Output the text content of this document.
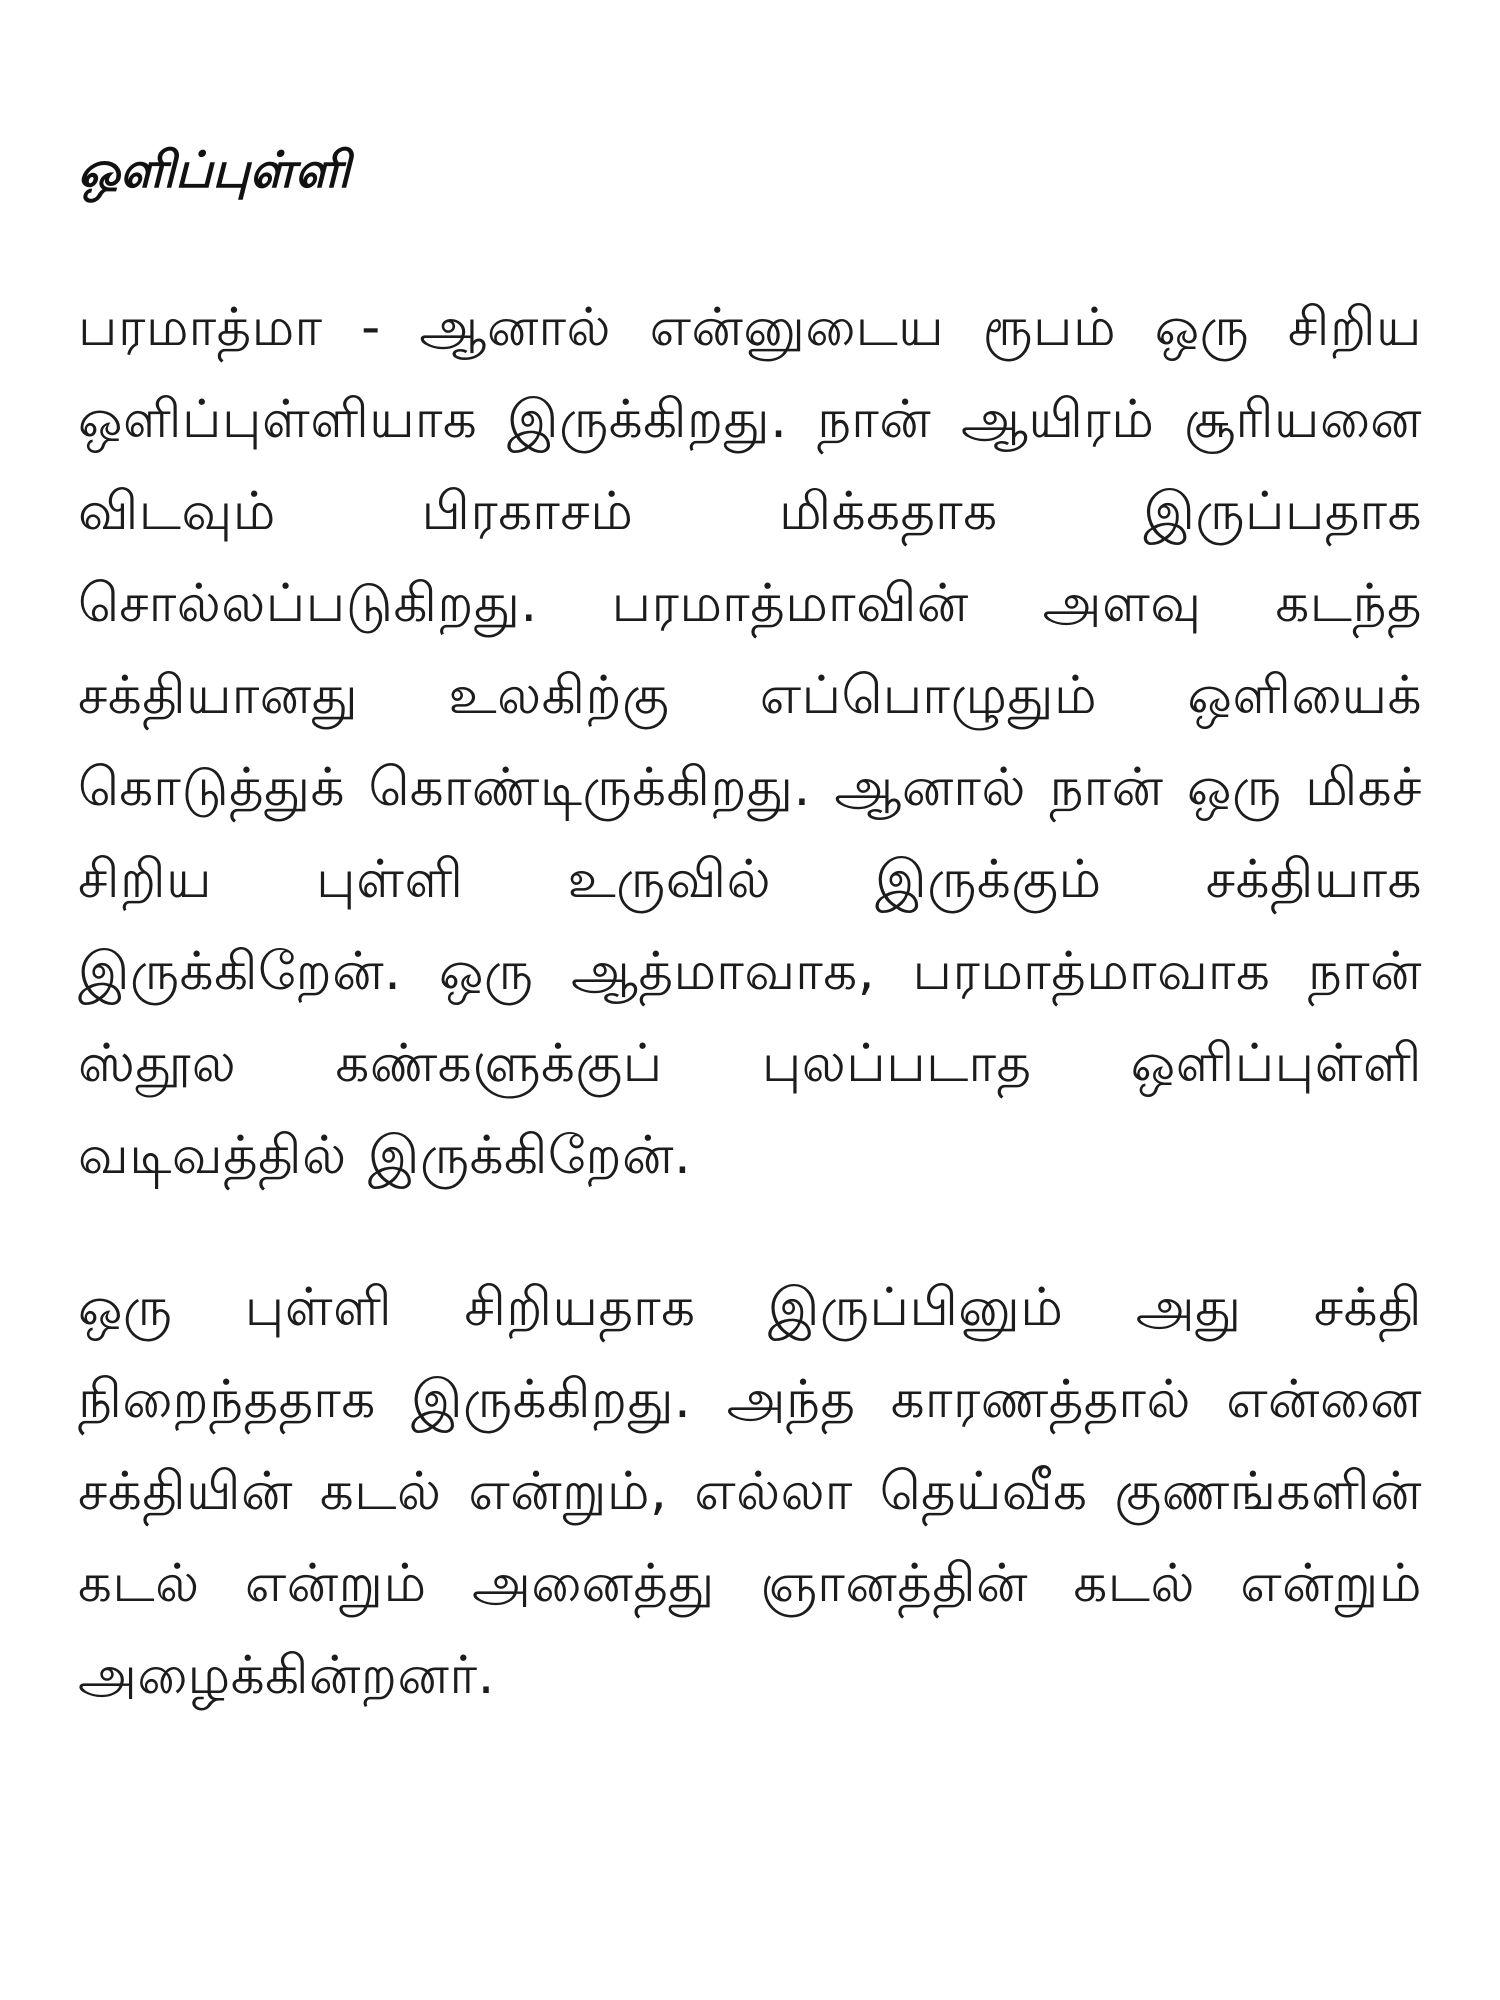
ஒளிப்புள்ளி

பரமாத்மா - ஆனால் என்னுடைய ரூபம் ஒரு சிறிய ஒளிப்புள்ளியாக இருக்கிறது. நான் ஆயிரம் சூரியனை விடவும் பிரகாசம் மிக்கதாக இருப்பதாக சொல்லப்படுகிறது. பரமாத்மாவின் அளவு கடந்த சக்தியானது உலகிற்கு எப்பொழுதும் ஒளியைக் கொடுத்துக் கொண்டிருக்கிறது. ஆனால் நான் ஒரு மிகச் சிறிய புள்ளி உருவில் இருக்கும் சக்தியாக இருக்கிறேன். ஒரு ஆத்மாவாக, பரமாத்மாவாக நான் ஸ்தூல கண்களுக்குப் புலப்படாத ஒளிப்புள்ளி வடிவத்தில் இருக்கிறேன்.

ஒரு புள்ளி சிறியதாக இருப்பினும் அது சக்தி நிறைந்ததாக இருக்கிறது. அந்த காரணத்தால் என்னை சக்தியின் கடல் என்றும், எல்லா தெய்வீக குணங்களின் கடல் என்றும் அனைத்து ஞானத்தின் கடல் என்றும் அழைக்கின்றனர்.
